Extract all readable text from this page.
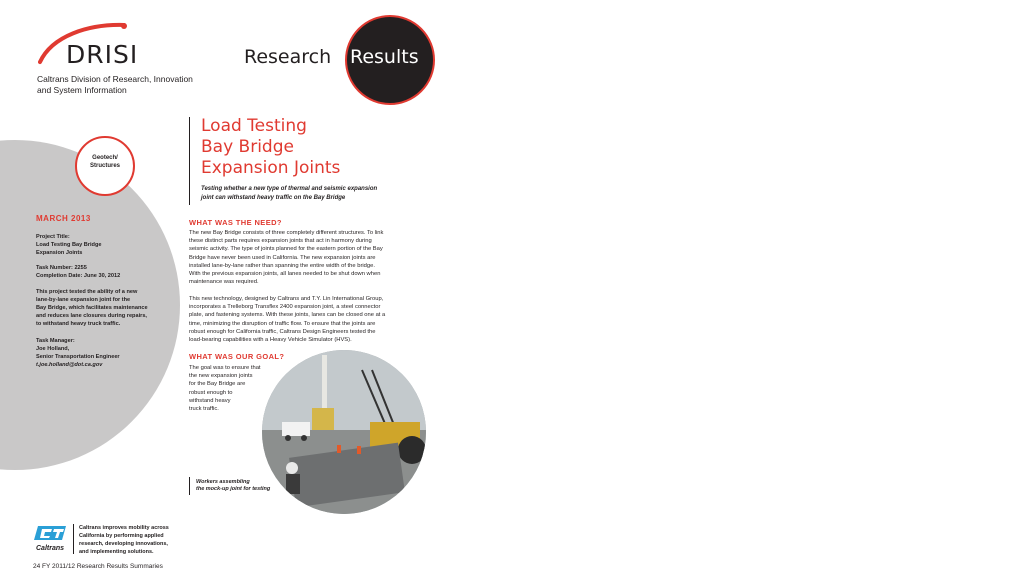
DRISI
Caltrans Division of Research, Innovation and System Information
Research Results
Geotech/ Structures
MARCH 2013
Project Title:
Load Testing Bay Bridge
Expansion Joints
Task Number: 2255
Completion Date: June 30, 2012
This project tested the ability of a new
lane-by-lane expansion joint for the
Bay Bridge, which facilitates maintenance
and reduces lane closures during repairs,
to withstand heavy truck traffic.
Task Manager:
Joe Holland,
Senior Transportation Engineer
t.joe.holland@dot.ca.gov
Load Testing
Bay Bridge
Expansion Joints
Testing whether a new type of thermal and seismic expansion
joint can withstand heavy traffic on the Bay Bridge
WHAT WAS THE NEED?
The new Bay Bridge consists of three completely different structures. To link
these distinct parts requires expansion joints that act in harmony during
seismic activity. The type of joints planned for the eastern portion of the Bay
Bridge have never been used in California. The new expansion joints are
installed lane-by-lane rather than spanning the entire width of the bridge.
With the previous expansion joints, all lanes needed to be shut down when
maintenance was required.
This new technology, designed by Caltrans and T.Y. Lin International Group,
incorporates a Trelleborg Transflex 2400 expansion joint, a steel connector
plate, and fastening systems. With these joints, lanes can be closed one at a
time, minimizing the disruption of traffic flow. To ensure that the joints are
robust enough for California traffic, Caltrans Design Engineers tested the
load-bearing capabilities with a Heavy Vehicle Simulator (HVS).
WHAT WAS OUR GOAL?
The goal was to ensure that
the new expansion joints
for the Bay Bridge are
robust enough to
withstand heavy
truck traffic.
Workers assembling
the mock-up joint for testing
Caltrans
Caltrans improves mobility across
California by performing applied
research, developing innovations,
and implementing solutions.
24 FY 2011/12 Research Results Summaries
